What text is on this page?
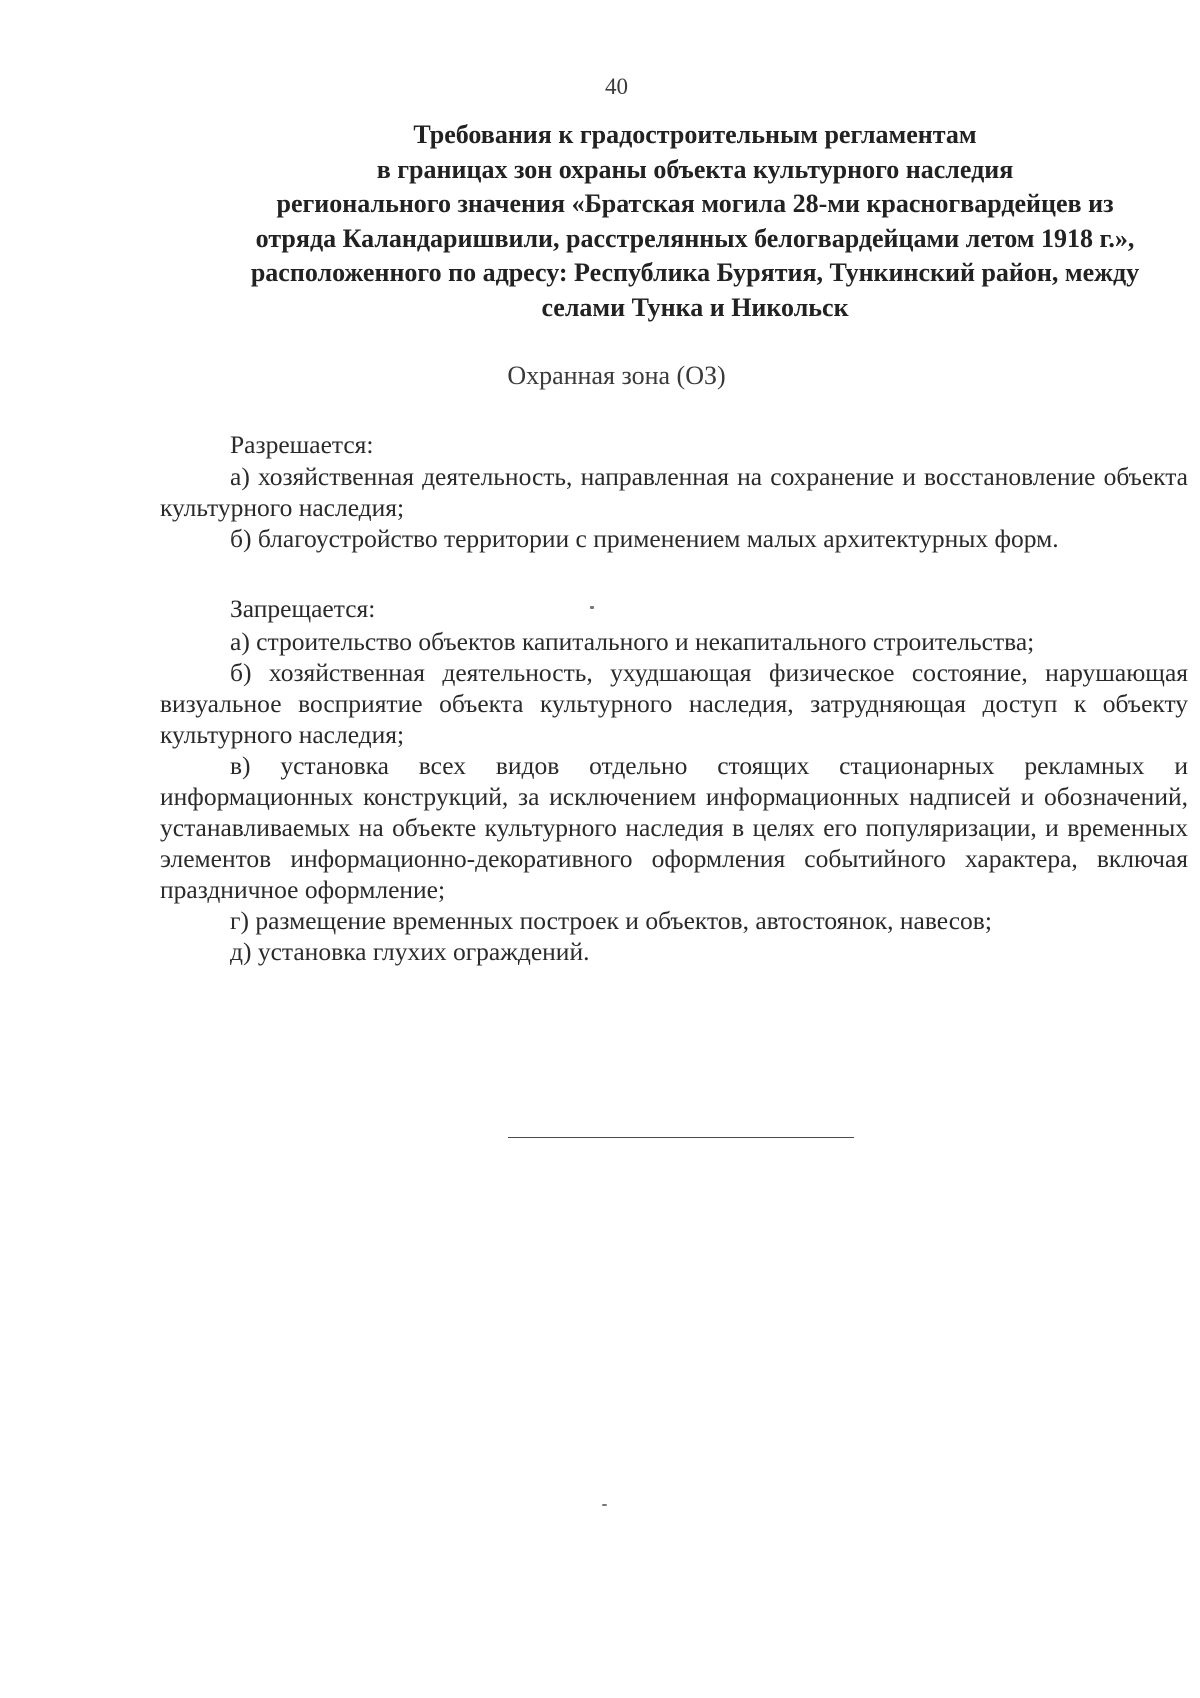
40
Требования к градостроительным регламентам
в границах зон охраны объекта культурного наследия
регионального значения «Братская могила 28-ми красногвардейцев из
отряда Каландаришвили, расстрелянных белогвардейцами летом 1918 г.»,
расположенного по адресу: Республика Бурятия, Тункинский район, между
селами Тунка и Никольск
Охранная зона (ОЗ)
Разрешается:

а) хозяйственная деятельность, направленная на сохранение и восстановление объекта культурного наследия;

б) благоустройство территории с применением малых архитектурных форм.

Запрещается:

а) строительство объектов капитального и некапитального строительства;

б) хозяйственная деятельность, ухудшающая физическое состояние, нарушающая визуальное восприятие объекта культурного наследия, затрудняющая доступ к объекту культурного наследия;

в) установка всех видов отдельно стоящих стационарных рекламных и информационных конструкций, за исключением информационных надписей и обозначений, устанавливаемых на объекте культурного наследия в целях его популяризации, и временных элементов информационно-декоративного оформления событийного характера, включая праздничное оформление;

г) размещение временных построек и объектов, автостоянок, навесов;

д) установка глухих ограждений.
